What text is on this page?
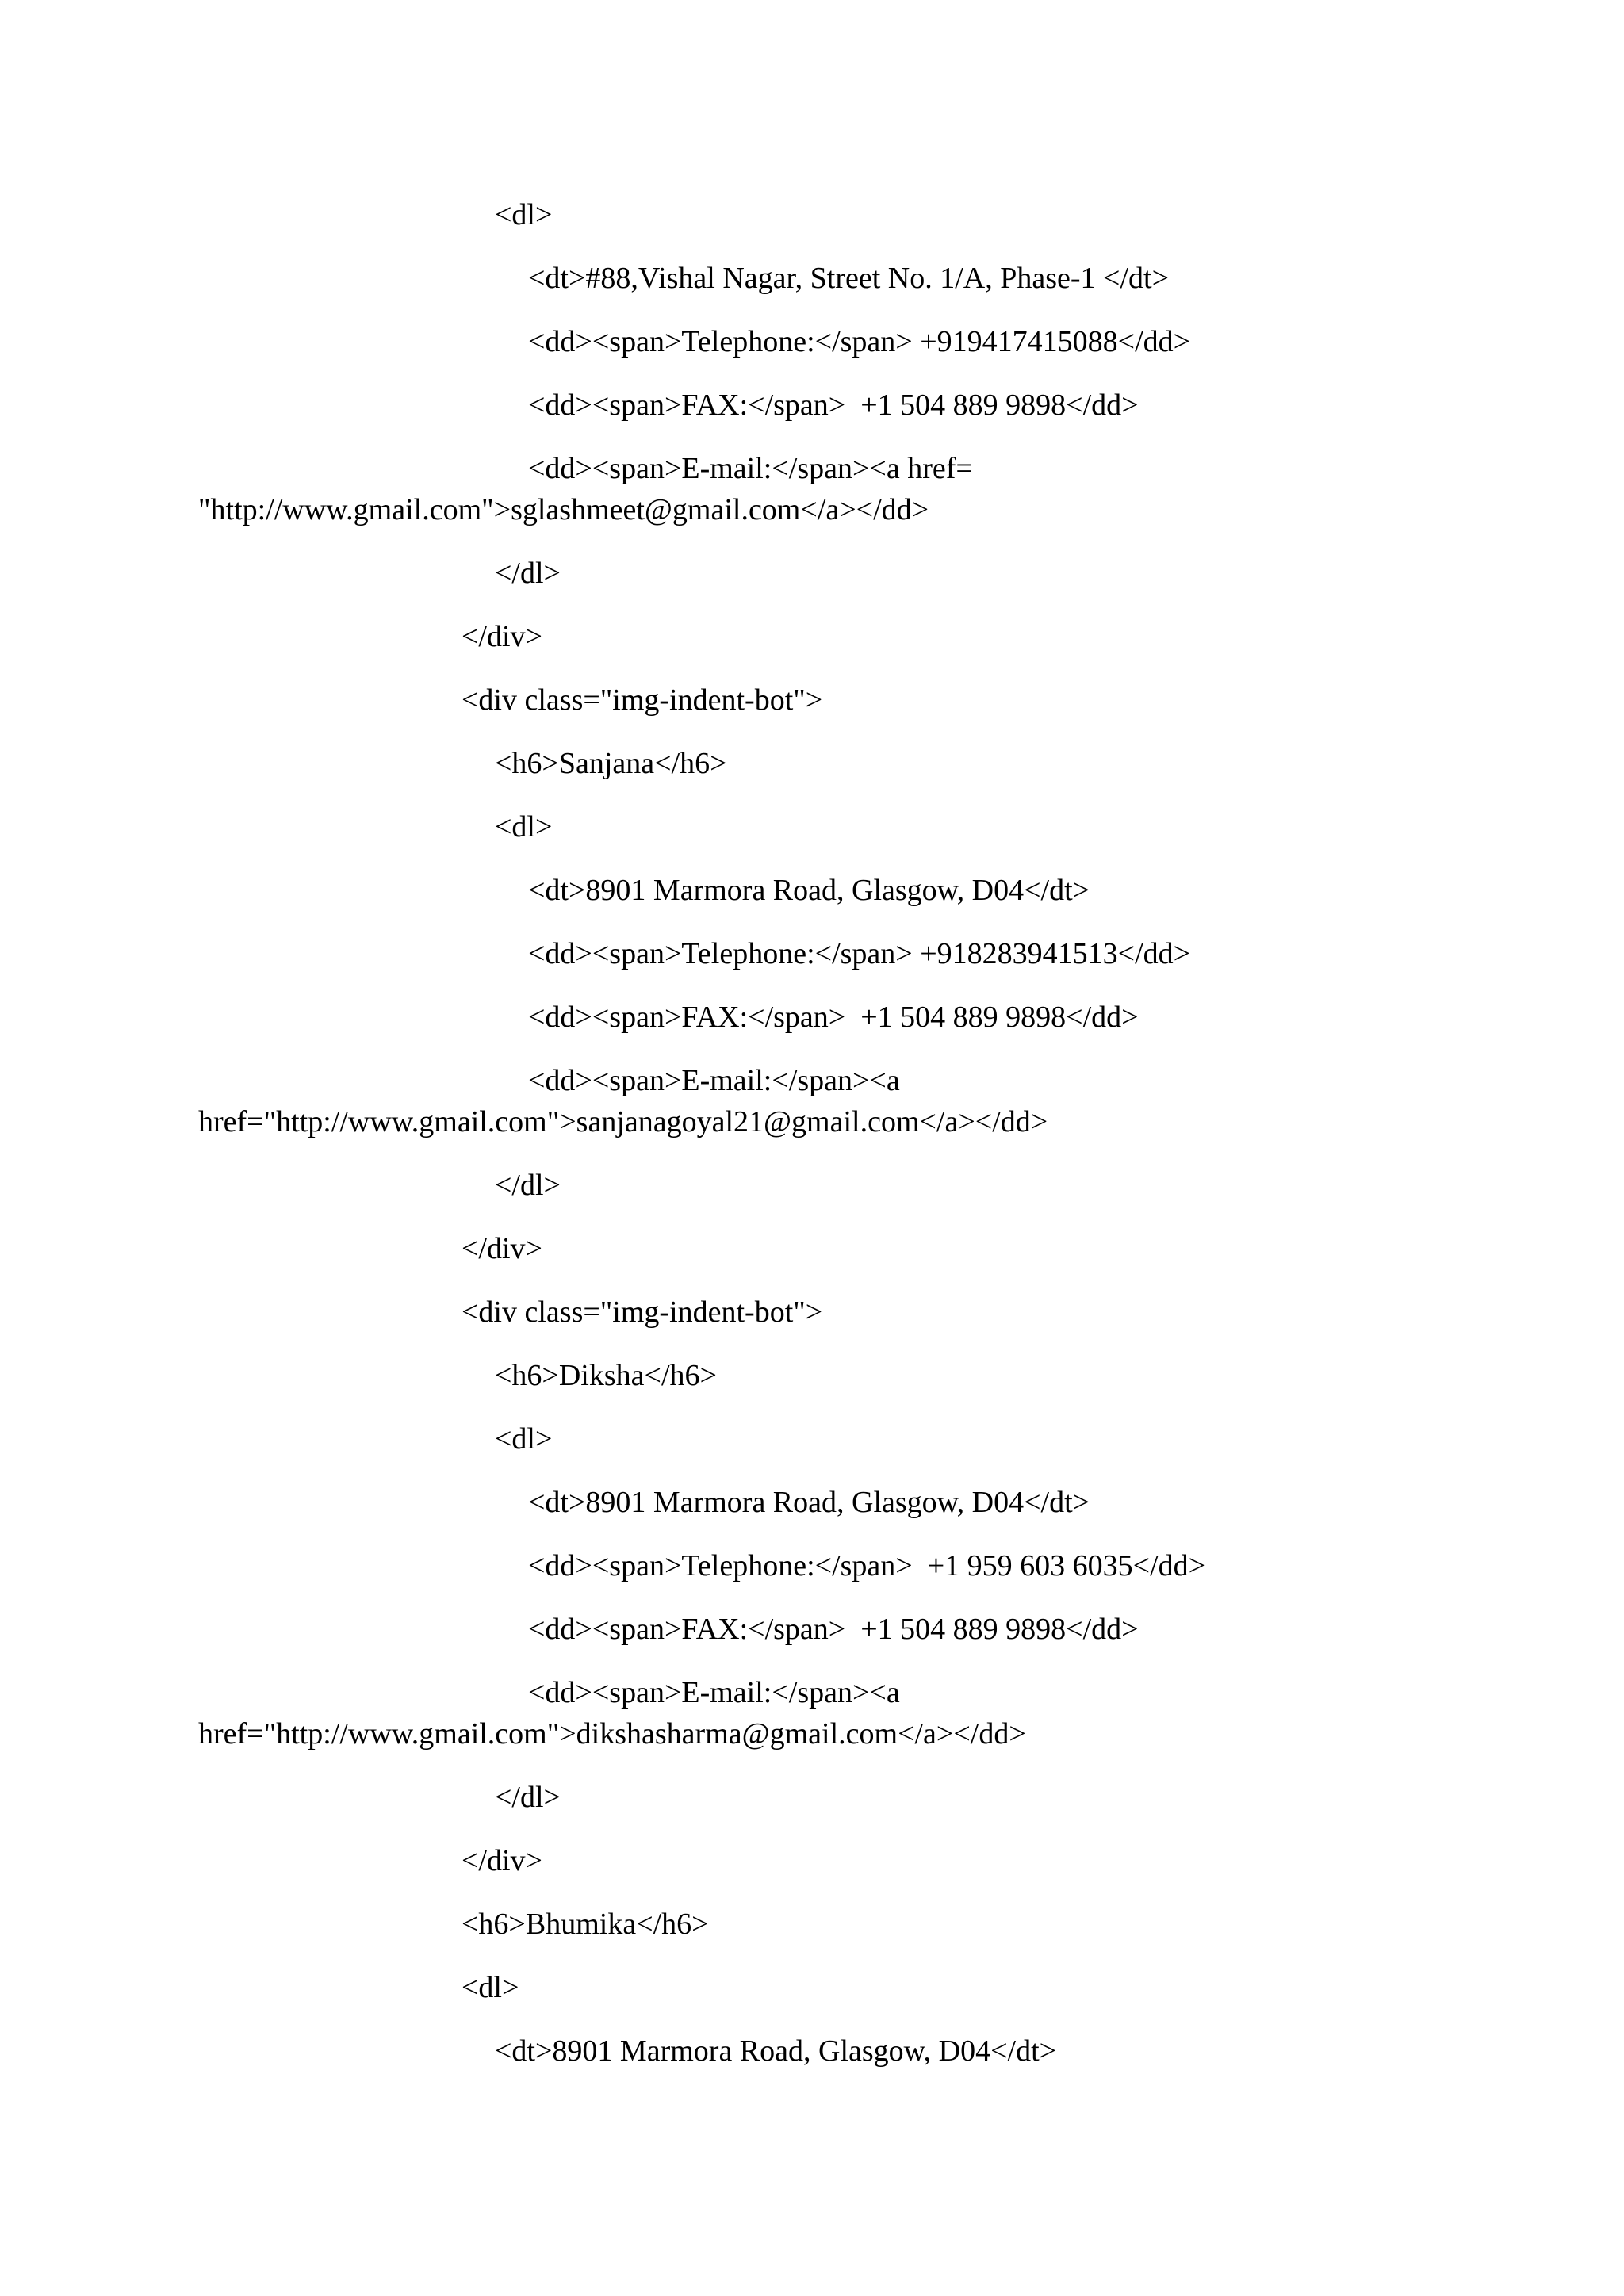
<dl>
<dt>#88,Vishal Nagar, Street No. 1/A, Phase-1 </dt>
<dd><span>Telephone:</span> +919417415088</dd>
<dd><span>FAX:</span>  +1 504 889 9898</dd>
<dd><span>E-mail:</span><a href=
"http://www.gmail.com">sglashmeet@gmail.com</a></dd>
</dl>
</div>
<div class="img-indent-bot">
<h6>Sanjana</h6>
<dl>
<dt>8901 Marmora Road, Glasgow, D04</dt>
<dd><span>Telephone:</span> +918283941513</dd>
<dd><span>FAX:</span>  +1 504 889 9898</dd>
<dd><span>E-mail:</span><a
href="http://www.gmail.com">sanjanagoyal21@gmail.com</a></dd>
</dl>
</div>
<div class="img-indent-bot">
<h6>Diksha</h6>
<dl>
<dt>8901 Marmora Road, Glasgow, D04</dt>
<dd><span>Telephone:</span>  +1 959 603 6035</dd>
<dd><span>FAX:</span>  +1 504 889 9898</dd>
<dd><span>E-mail:</span><a
href="http://www.gmail.com">dikshasharma@gmail.com</a></dd>
</dl>
</div>
<h6>Bhumika</h6>
<dl>
<dt>8901 Marmora Road, Glasgow, D04</dt>
